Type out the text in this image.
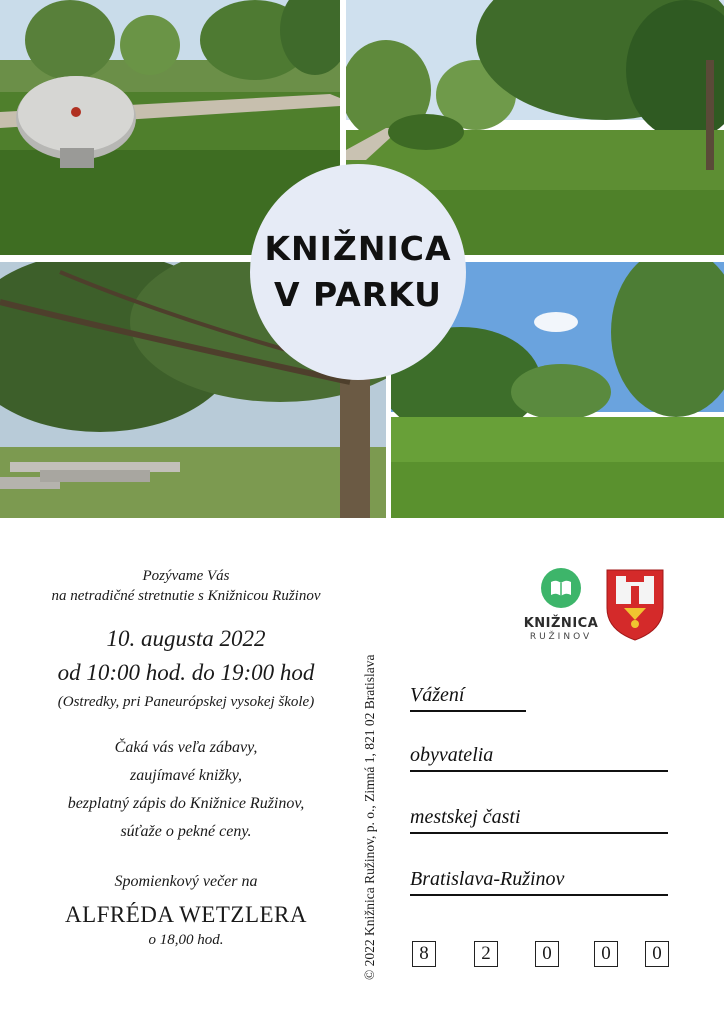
KNIŽNICA
V PARKU
Pozývame Vás
na netradičné stretnutie s Knižnicou Ružinov
10. augusta 2022
od 10:00 hod. do 19:00 hod
(Ostredky, pri Paneurópskej vysokej škole)
Čaká vás veľa zábavy,
zaujímavé knižky,
bezplatný zápis do Knižnice Ružinov,
súťaže o pekné ceny.
Spomienkový večer na
ALFRÉDA WETZLERA
o 18,00 hod.	© 2022 Knižnica Ružinov, p. o., Zimná 1, 821 02 Bratislava
KNIŽNICA
RUŽINOV
Vážení
obyvatelia
mestskej časti
Bratislava-Ružinov
8	2	0	0	0
